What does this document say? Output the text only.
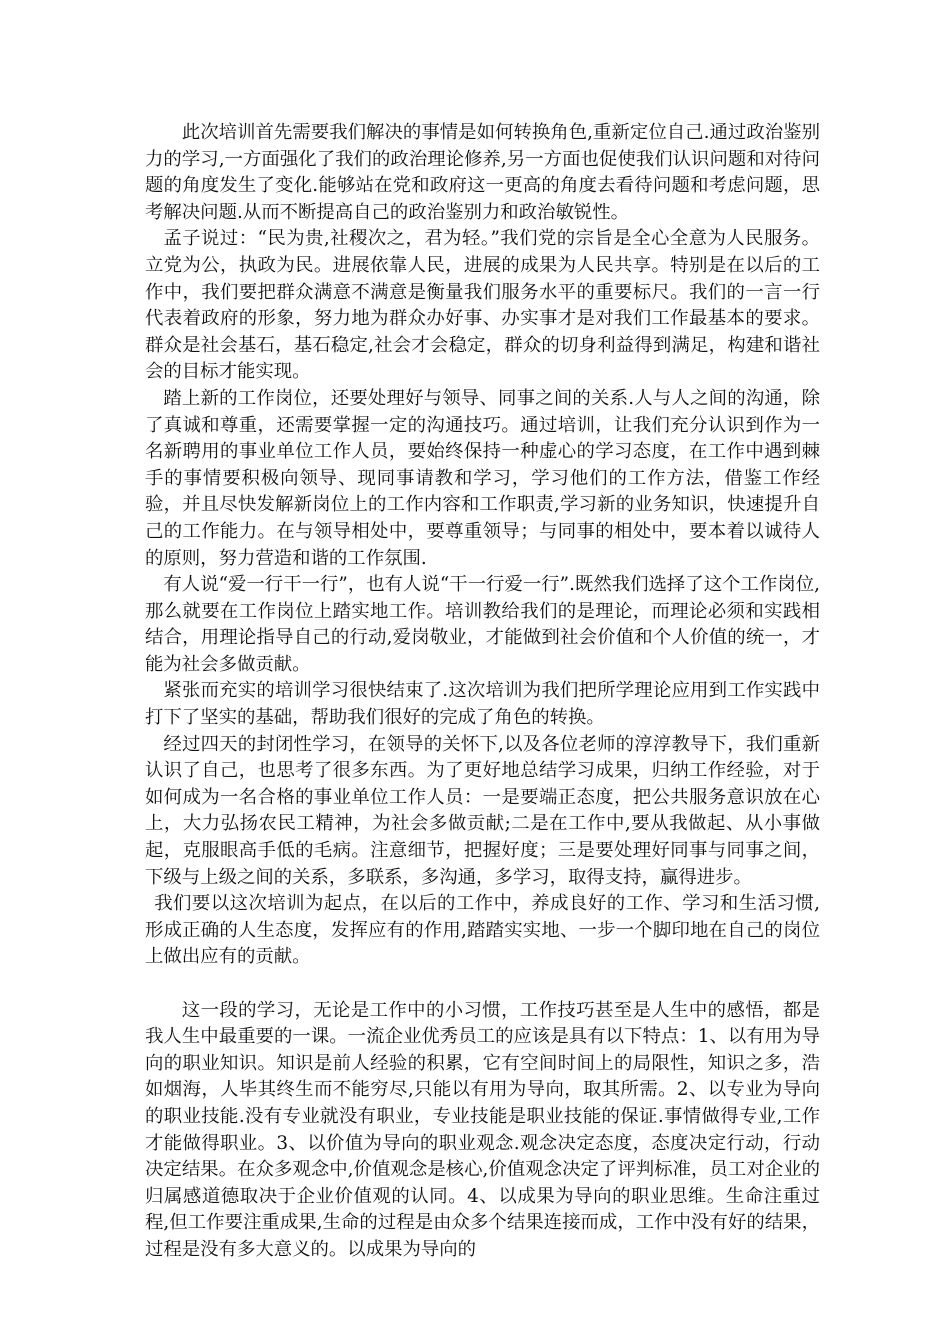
此次培训首先需要我们解决的事情是如何转换角色,重新定位自己.通过政治鉴别力的学习,一方面强化了我们的政治理论修养,另一方面也促使我们认识问题和对待问题的角度发生了变化.能够站在党和政府这一更高的角度去看待问题和考虑问题，思考解决问题.从而不断提高自己的政治鉴别力和政治敏锐性。

孟子说过：“民为贵,社稷次之，君为轻。”我们党的宗旨是全心全意为人民服务。立党为公，执政为民。进展依靠人民，进展的成果为人民共享。特别是在以后的工作中，我们要把群众满意不满意是衡量我们服务水平的重要标尺。我们的一言一行代表着政府的形象，努力地为群众办好事、办实事才是对我们工作最基本的要求。群众是社会基石，基石稳定,社会才会稳定，群众的切身利益得到满足，构建和谐社会的目标才能实现。

踏上新的工作岗位，还要处理好与领导、同事之间的关系.人与人之间的沟通，除了真诚和尊重，还需要掌握一定的沟通技巧。通过培训，让我们充分认识到作为一名新聘用的事业单位工作人员，要始终保持一种虚心的学习态度，在工作中遇到棘手的事情要积极向领导、现同事请教和学习，学习他们的工作方法，借鉴工作经验，并且尽快发解新岗位上的工作内容和工作职责,学习新的业务知识，快速提升自己的工作能力。在与领导相处中，要尊重领导；与同事的相处中，要本着以诚待人的原则，努力营造和谐的工作氛围.

有人说“爱一行干一行”，也有人说“干一行爱一行”.既然我们选择了这个工作岗位,那么就要在工作岗位上踏实地工作。培训教给我们的是理论，而理论必须和实践相结合，用理论指导自己的行动,爱岗敬业，才能做到社会价值和个人价值的统一，才能为社会多做贡献。

紧张而充实的培训学习很快结束了.这次培训为我们把所学理论应用到工作实践中打下了坚实的基础，帮助我们很好的完成了角色的转换。

经过四天的封闭性学习，在领导的关怀下,以及各位老师的淳淳教导下，我们重新认识了自己，也思考了很多东西。为了更好地总结学习成果，归纳工作经验，对于如何成为一名合格的事业单位工作人员：一是要端正态度，把公共服务意识放在心上，大力弘扬农民工精神，为社会多做贡献;二是在工作中,要从我做起、从小事做起，克服眼高手低的毛病。注意细节，把握好度；三是要处理好同事与同事之间，下级与上级之间的关系，多联系，多沟通，多学习，取得支持，赢得进步。

我们要以这次培训为起点，在以后的工作中，养成良好的工作、学习和生活习惯,形成正确的人生态度，发挥应有的作用,踏踏实实地、一步一个脚印地在自己的岗位上做出应有的贡献。

这一段的学习，无论是工作中的小习惯，工作技巧甚至是人生中的感悟，都是我人生中最重要的一课。一流企业优秀员工的应该是具有以下特点：1、以有用为导向的职业知识。知识是前人经验的积累，它有空间时间上的局限性，知识之多，浩如烟海，人毕其终生而不能穷尽,只能以有用为导向，取其所需。2、以专业为导向的职业技能.没有专业就没有职业，专业技能是职业技能的保证.事情做得专业,工作才能做得职业。3、以价值为导向的职业观念.观念决定态度，态度决定行动，行动决定结果。在众多观念中,价值观念是核心,价值观念决定了评判标准，员工对企业的归属感道德取决于企业价值观的认同。4、以成果为导向的职业思维。生命注重过程,但工作要注重成果,生命的过程是由众多个结果连接而成，工作中没有好的结果，过程是没有多大意义的。以成果为导向的
